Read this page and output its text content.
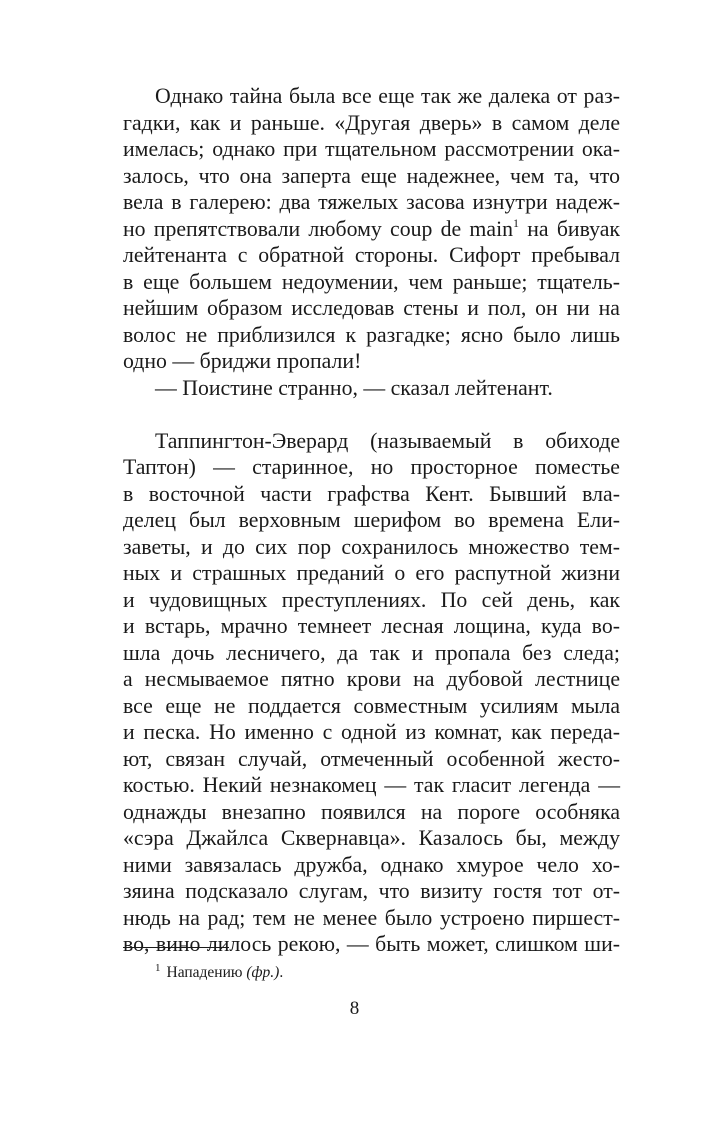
Однако тайна была все еще так же далека от раз-
гадки, как и раньше. «Другая дверь» в самом деле
имелась; однако при тщательном рассмотрении ока-
залось, что она заперта еще надежнее, чем та, что
вела в галерею: два тяжелых засова изнутри надеж-
но препятствовали любому coup de main$^1$ на бивуак
лейтенанта с обратной стороны. Сифорт пребывал
в еще большем недоумении, чем раньше; тщатель-
нейшим образом исследовав стены и пол, он ни на
волос не приблизился к разгадке; ясно было лишь
одно — бриджи пропали!
— Поистине странно, — сказал лейтенант.

Таппингтон-Эверард (называемый в обиходе
Таптон) — старинное, но просторное поместье
в восточной части графства Кент. Бывший вла-
делец был верховным шерифом во времена Ели-
заветы, и до сих пор сохранилось множество тем-
ных и страшных преданий о его распутной жизни
и чудовищных преступлениях. По сей день, как
и встарь, мрачно темнеет лесная лощина, куда во-
шла дочь лесничего, да так и пропала без следа;
а несмываемое пятно крови на дубовой лестнице
все еще не поддается совместным усилиям мыла
и песка. Но именно с одной из комнат, как переда-
ют, связан случай, отмеченный особенной жесто-
костью. Некий незнакомец — так гласит легенда —
однажды внезапно появился на пороге особняка
«сэра Джайлса Сквернавца». Казалось бы, между
ними завязалась дружба, однако хмурое чело хо-
зяина подсказало слугам, что визиту гостя тот от-
нюдь на рад; тем не менее было устроено пиршест-
во, вино лилось рекою, — быть может, слишком ши-

$^1$ Нападению (фр.).
8
